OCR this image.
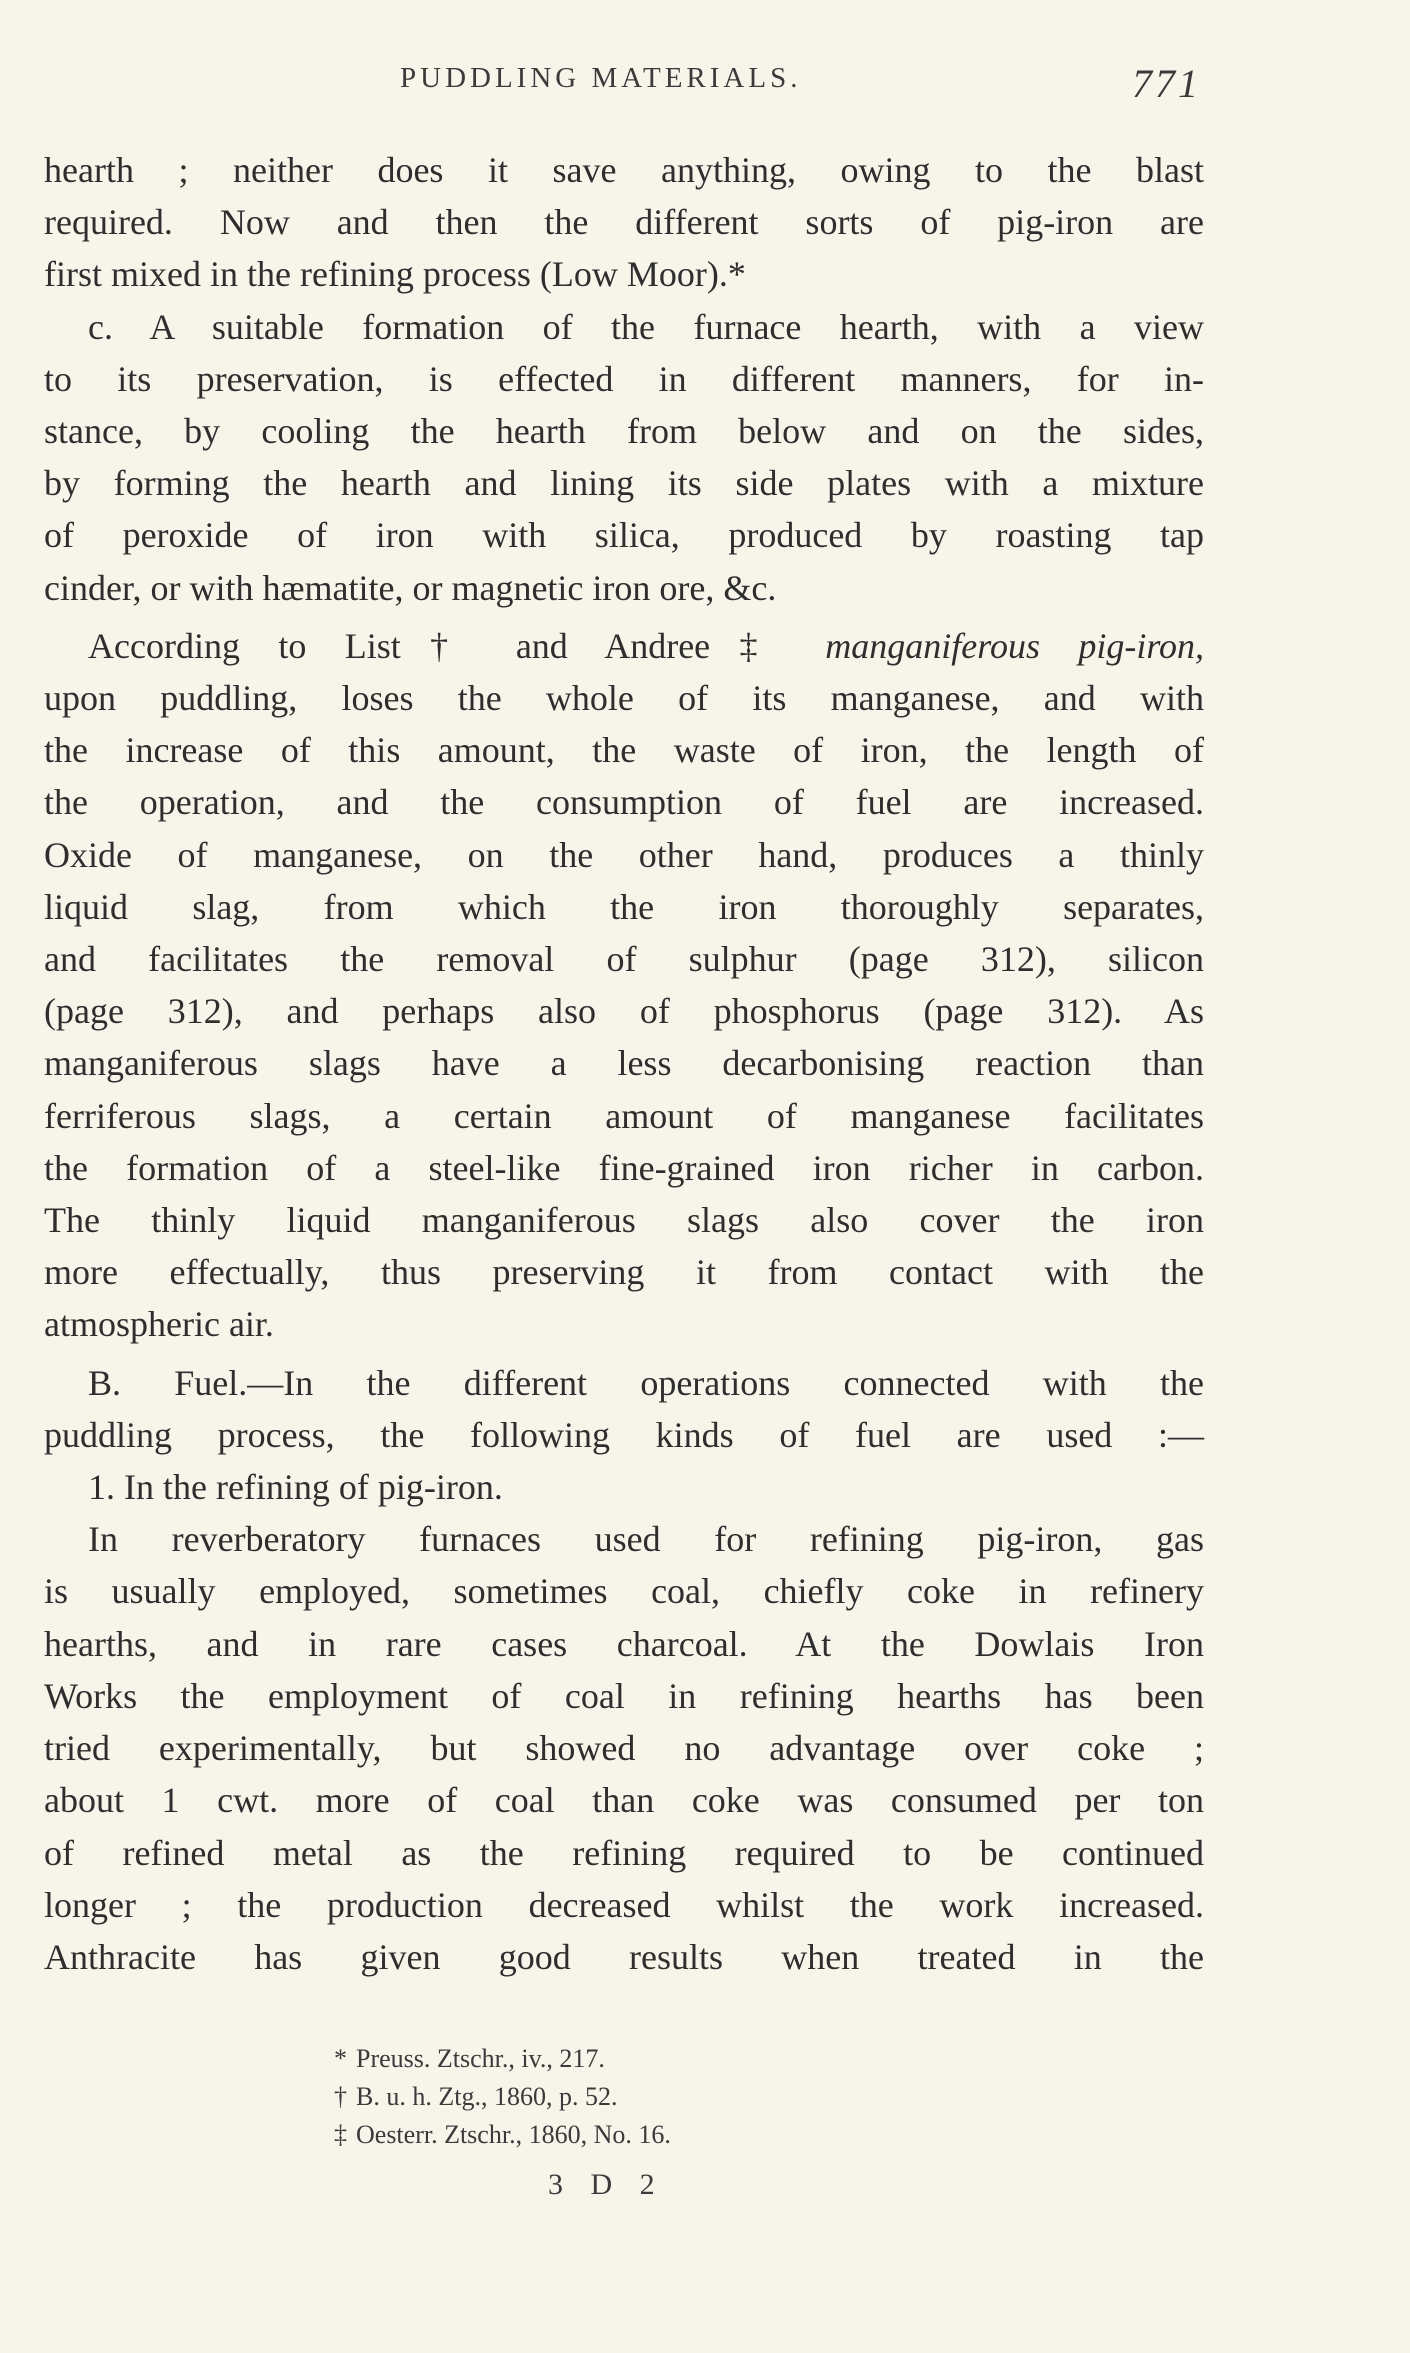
PUDDLING MATERIALS.	771
hearth ; neither does it save anything, owing to the blast
required. Now and then the different sorts of pig-iron are
first mixed in the refining process (Low Moor).*
c. A suitable formation of the furnace hearth, with a view
to its preservation, is effected in different manners, for in-
stance, by cooling the hearth from below and on the sides,
by forming the hearth and lining its side plates with a mixture
of peroxide of iron with silica, produced by roasting tap
cinder, or with hæmatite, or magnetic iron ore, &c.
According to List† and Andree‡ manganiferous pig-iron,
upon puddling, loses the whole of its manganese, and with
the increase of this amount, the waste of iron, the length of
the operation, and the consumption of fuel are increased.
Oxide of manganese, on the other hand, produces a thinly
liquid slag, from which the iron thoroughly separates,
and facilitates the removal of sulphur (page 312), silicon
(page 312), and perhaps also of phosphorus (page 312). As
manganiferous slags have a less decarbonising reaction than
ferriferous slags, a certain amount of manganese facilitates
the formation of a steel-like fine-grained iron richer in carbon.
The thinly liquid manganiferous slags also cover the iron
more effectually, thus preserving it from contact with the
atmospheric air.
B. Fuel.—In the different operations connected with the
puddling process, the following kinds of fuel are used :—
1. In the refining of pig-iron.
In reverberatory furnaces used for refining pig-iron, gas
is usually employed, sometimes coal, chiefly coke in refinery
hearths, and in rare cases charcoal. At the Dowlais Iron
Works the employment of coal in refining hearths has been
tried experimentally, but showed no advantage over coke ;
about 1 cwt. more of coal than coke was consumed per ton
of refined metal as the refining required to be continued
longer ; the production decreased whilst the work increased.
Anthracite has given good results when treated in the
* Preuss. Ztschr., iv., 217.
† B. u. h. Ztg., 1860, p. 52.
‡ Oesterr. Ztschr., 1860, No. 16.
3 D 2
